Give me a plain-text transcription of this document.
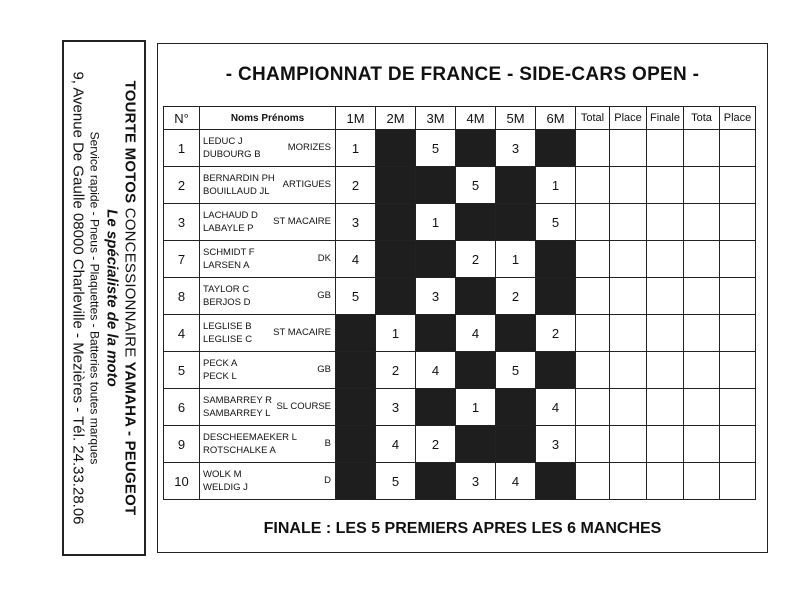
TOURTE MOTOS CONCESSIONNAIRE YAMAHA - PEUGEOT
Le spécialiste de la moto
Service rapide - Pneus - Plaquettes - Batteries toutes marques
9, Avenue De Gaulle 08000 Charleville - Mezières - Tél. 24.33.28.06	- CHAMPIONNAT DE FRANCE - SIDE-CARS OPEN -
N°	Noms Prénoms	1M	2M	3M	4M	5M	6M	Total	Place	Finale	Tota	Place
1	LEDUC J
DUBOURG B
MORIZES	1		5		3						
2	BERNARDIN PH
BOUILLAUD JL
ARTIGUES	2			5		1					
3	LACHAUD D
LABAYLE P
ST MACAIRE	3		1			5					
7	SCHMIDT F
LARSEN A
DK	4			2	1						
8	TAYLOR C
BERJOS D
GB	5		3		2						
4	LEGLISE B
LEGLISE C
ST MACAIRE		1		4		2					
5	PECK A
PECK L
GB		2	4		5						
6	SAMBARREY R
SAMBARREY L
SL COURSE		3		1		4					
9	DESCHEEMAEKER L
ROTSCHALKE A
B		4	2			3					
10	WOLK M
WELDIG J
D		5		3	4						
FINALE : LES 5 PREMIERS APRES LES 6 MANCHES
